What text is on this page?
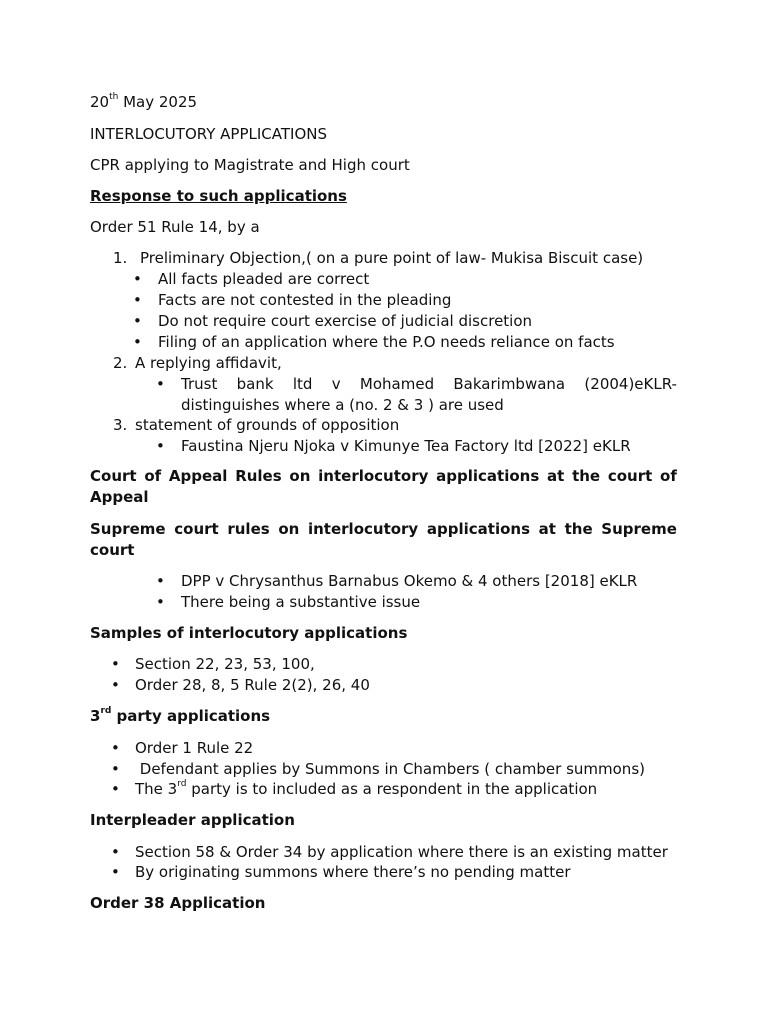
20th May 2025
INTERLOCUTORY APPLICATIONS
CPR applying to Magistrate and High court
Response to such applications
Order 51 Rule 14, by a
1. Preliminary Objection,( on a pure point of law- Mukisa Biscuit case)
• All facts pleaded are correct
• Facts are not contested in the pleading
• Do not require court exercise of judicial discretion
• Filing of an application where the P.O needs reliance on facts
2. A replying affidavit,
• Trust bank ltd v Mohamed Bakarimbwana (2004)eKLR-
distinguishes where a (no. 2 & 3 ) are used
3. statement of grounds of opposition
• Faustina Njeru Njoka v Kimunye Tea Factory ltd [2022] eKLR
Court of Appeal Rules on interlocutory applications at the court of
Appeal
Supreme court rules on interlocutory applications at the Supreme
court
• DPP v Chrysanthus Barnabus Okemo & 4 others [2018] eKLR
• There being a substantive issue
Samples of interlocutory applications
• Section 22, 23, 53, 100,
• Order 28, 8, 5 Rule 2(2), 26, 40
3rd party applications
• Order 1 Rule 22
• Defendant applies by Summons in Chambers ( chamber summons)
• The 3rd party is to included as a respondent in the application
Interpleader application
• Section 58 & Order 34 by application where there is an existing matter
• By originating summons where there’s no pending matter
Order 38 Application
